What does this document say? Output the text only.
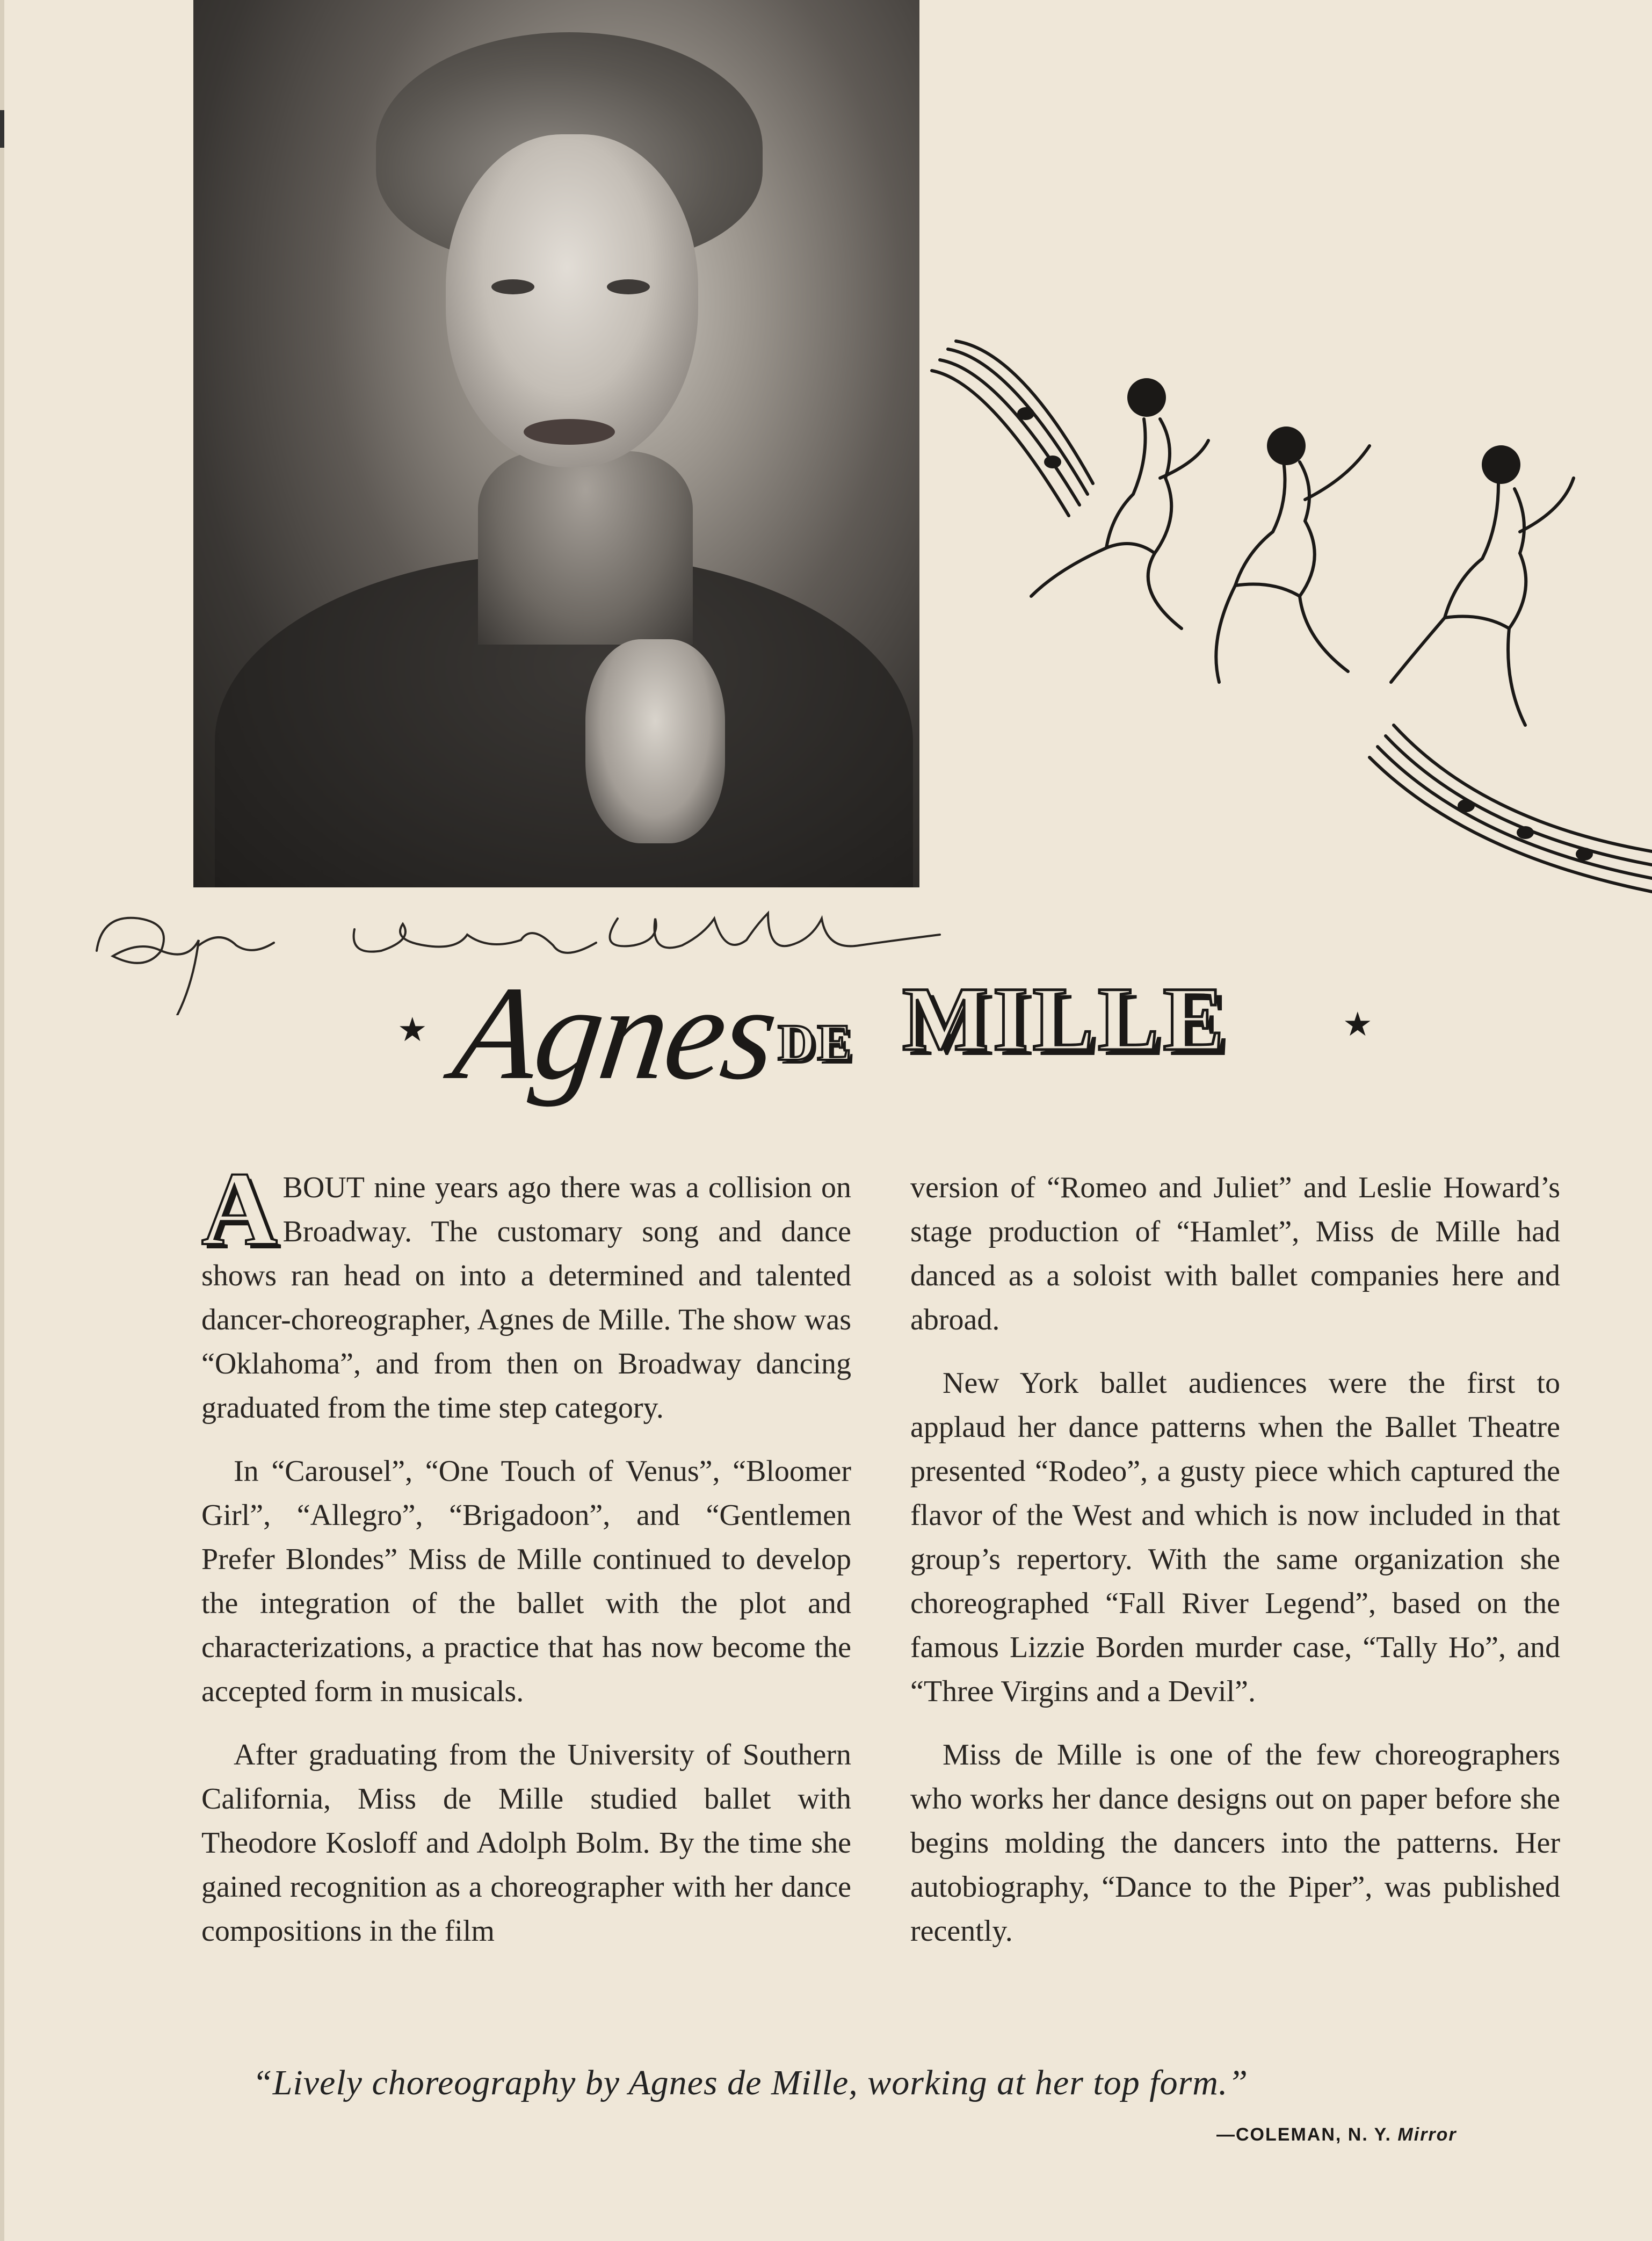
★ Agnes
DE MILLE	★

ABOUT nine years ago there was a collision on Broadway. The customary song and dance shows ran head on into a determined and talented dancer-choreographer, Agnes de Mille. The show was “Oklahoma”, and from then on Broadway dancing graduated from the time step category.

In “Carousel”, “One Touch of Venus”, “Bloomer Girl”, “Allegro”, “Brigadoon”, and “Gentlemen Prefer Blondes” Miss de Mille continued to develop the integration of the ballet with the plot and characterizations, a practice that has now become the accepted form in musicals.

After graduating from the University of Southern California, Miss de Mille studied ballet with Theodore Kosloff and Adolph Bolm. By the time she gained recognition as a choreographer with her dance compositions in the film

version of “Romeo and Juliet” and Leslie Howard’s stage production of “Hamlet”, Miss de Mille had danced as a soloist with ballet companies here and abroad.

New York ballet audiences were the first to applaud her dance patterns when the Ballet Theatre presented “Rodeo”, a gusty piece which captured the flavor of the West and which is now included in that group’s repertory. With the same organization she choreographed “Fall River Legend”, based on the famous Lizzie Borden murder case, “Tally Ho”, and “Three Virgins and a Devil”.

Miss de Mille is one of the few choreographers who works her dance designs out on paper before she begins molding the dancers into the patterns. Her autobiography, “Dance to the Piper”, was published recently.

“Lively choreography by Agnes de Mille, working at her top form.”
—COLEMAN, N. Y. Mirror
